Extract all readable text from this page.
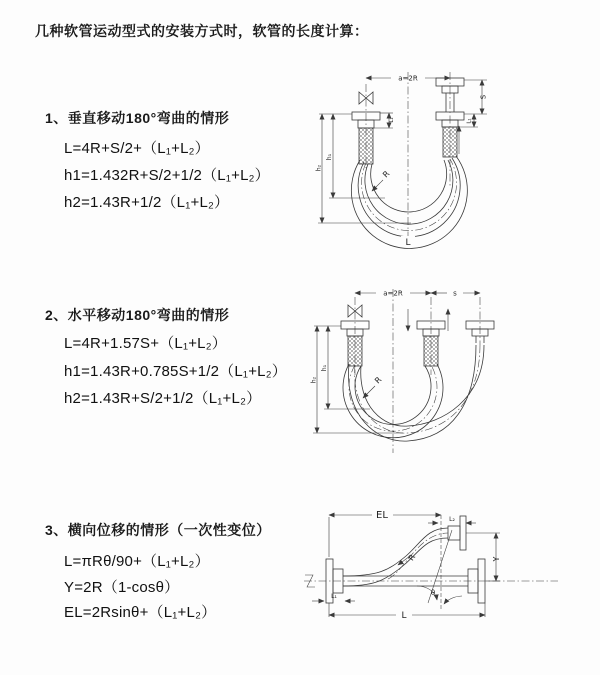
几种软管运动型式的安装方式时，软管的长度计算：
1、垂直移动180°弯曲的情形
L=4R+S/2+（L₁+L₂）
h1=1.432R+S/2+1/2（L₁+L₂）
h2=1.43R+1/2（L₁+L₂）
a=2R
S
L₁
L₁
h₁
h₂
R
L
2、水平移动180°弯曲的情形
L=4R+1.57S+（L₁+L₂）
h1=1.43R+0.785S+1/2（L₁+L₂）
h2=1.43R+S/2+1/2（L₁+L₂）
a=2R	s
h₁
h₂	R
3、横向位移的情形（一次性变位）
L=πRθ/90+（L₁+L₂）
Y=2R（1-cosθ）
EL=2Rsinθ+（L₁+L₂）
EL	L₂
Y
L
L₁
R
θ
